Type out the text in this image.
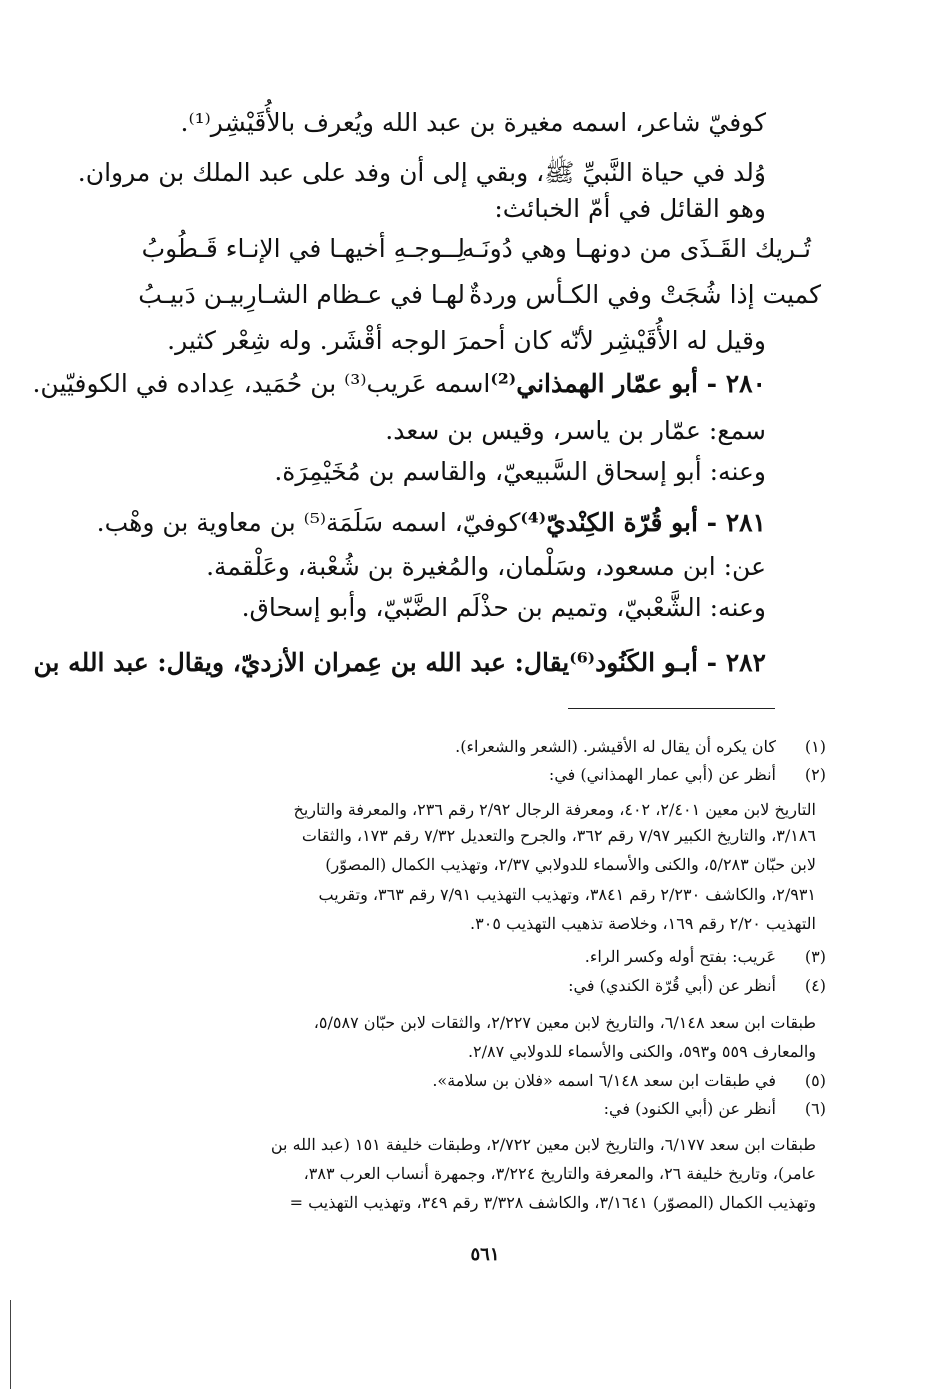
كوفيّ شاعر، اسمه مغيرة بن عبد الله ويُعرف بالأُقَيْشِر⁽¹⁾.
وُلد في حياة النَّبيِّ ﷺ، وبقي إلى أن وفد على عبد الملك بن مروان.
وهو القائل في أمّ الخبائث:
تُـريك القَـذَى من دونهـا وهي دُونَـه
لِــوجـهِ أخيهـا في الإنـاء قَـطُوبُ
كميت إذا شُجَتْ وفي الكـأس وردةٌ
لهـا في عـظام الشـارِبيـن دَبيـبُ
وقيل له الأُقَيْشِر لأنّه كان أحمرَ الوجه أقْشَر. وله شِعْر كثير.
٢٨٠ - أبو عمّار الهمذاني⁽²⁾اسمه عَريب⁽³⁾ بن حُمَيد، عِداده في الكوفيّين.
سمع: عمّار بن ياسر، وقيس بن سعد.
وعنه: أبو إسحاق السَّبيعيّ، والقاسم بن مُخَيْمِرَة.
٢٨١ - أبو قُرّة الكِنْديّ⁽⁴⁾كوفيّ، اسمه سَلَمَة⁽⁵⁾ بن معاوية بن وهْب.
عن: ابن مسعود، وسَلْمان، والمُغيرة بن شُعْبة، وعَلْقمة.
وعنه: الشَّعْبيّ، وتميم بن حذْلَم الضَّبّيّ، وأبو إسحاق.
٢٨٢ - أبـو الكَنُود⁽⁶⁾يقال: عبد الله بن عِمران الأزديّ، ويقال: عبد الله بن
(١)
كان يكره أن يقال له الأقيشر. (الشعر والشعراء).
(٢)
أنظر عن (أبي عمار الهمذاني) في:
التاريخ لابن معين ٢/٤٠١، ٤٠٢، ومعرفة الرجال ٢/٩٢ رقم ٢٣٦، والمعرفة والتاريخ
٣/١٨٦، والتاريخ الكبير ٧/٩٧ رقم ٣٦٢، والجرح والتعديل ٧/٣٢ رقم ١٧٣، والثقات
لابن حبّان ٥/٢٨٣، والكنى والأسماء للدولابي ٢/٣٧، وتهذيب الكمال (المصوّر)
٢/٩٣١، والكاشف ٢/٢٣٠ رقم ٣٨٤١، وتهذيب التهذيب ٧/٩١ رقم ٣٦٣، وتقريب
التهذيب ٢/٢٠ رقم ١٦٩، وخلاصة تذهيب التهذيب ٣٠٥.
(٣)
عَريب: بفتح أوله وكسر الراء.
(٤)
أنظر عن (أبي قُرّة الكندي) في:
طبقات ابن سعد ٦/١٤٨، والتاريخ لابن معين ٢/٢٢٧، والثقات لابن حبّان ٥/٥٨٧،
والمعارف ٥٥٩ و٥٩٣، والكنى والأسماء للدولابي ٢/٨٧.
(٥)
في طبقات ابن سعد ٦/١٤٨ اسمه «فلان بن سلامة».
(٦)
أنظر عن (أبي الكنود) في:
طبقات ابن سعد ٦/١٧٧، والتاريخ لابن معين ٢/٧٢٢، وطبقات خليفة ١٥١ (عبد الله بن
عامر)، وتاريخ خليفة ٢٦، والمعرفة والتاريخ ٣/٢٢٤، وجمهرة أنساب العرب ٣٨٣،
وتهذيب الكمال (المصوّر) ٣/١٦٤١، والكاشف ٣/٣٢٨ رقم ٣٤٩، وتهذيب التهذيب =
٥٦١
